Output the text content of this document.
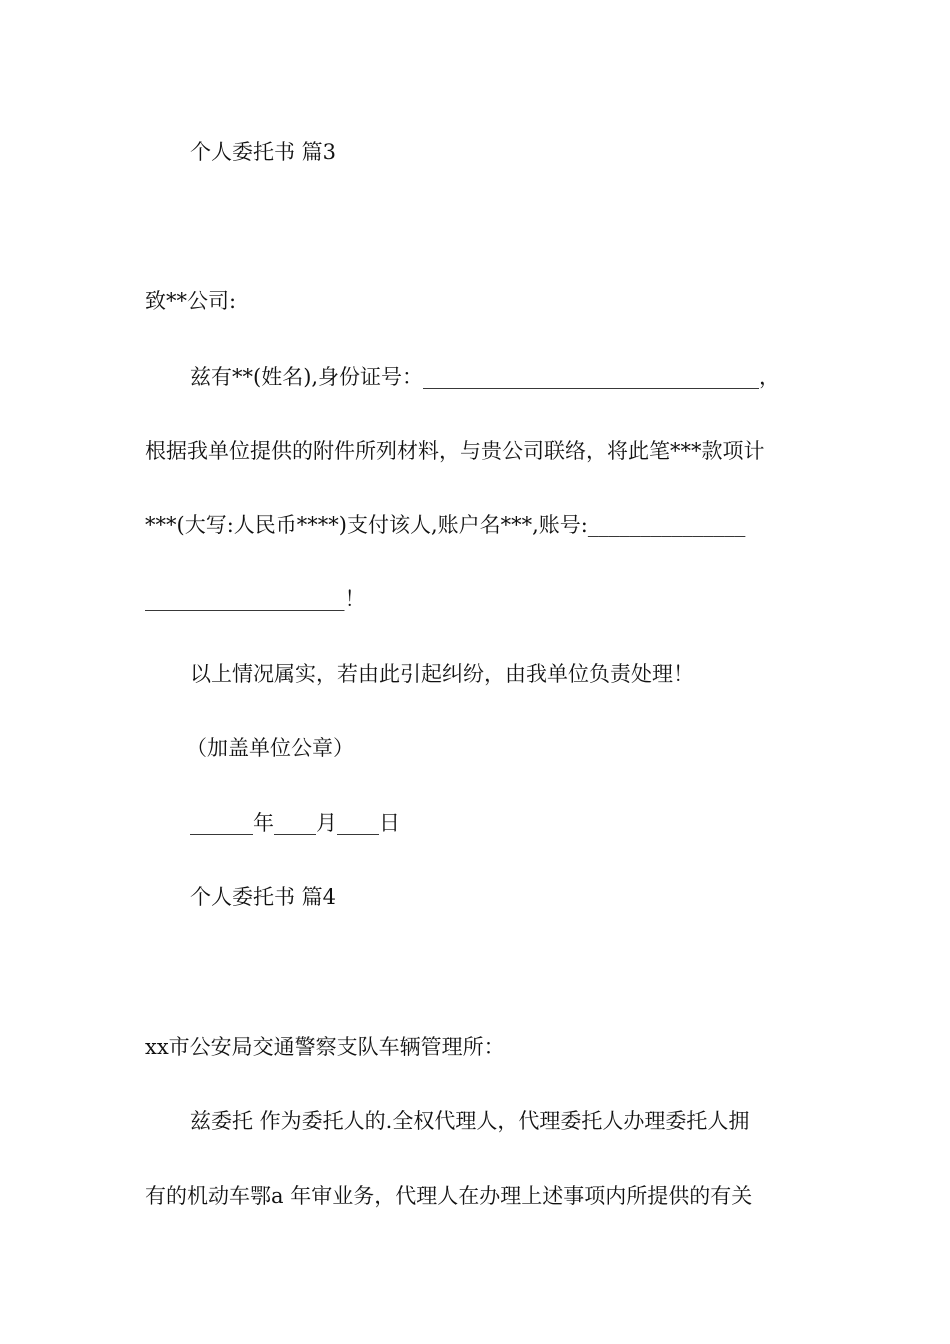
个人委托书 篇3
致**公司:
兹有**(姓名),身份证号：________________________________，
根据我单位提供的附件所列材料，与贵公司联络，将此笔***款项计
***(大写:人民币****)支付该人,账户名***,账号:_______________
___________________！
以上情况属实，若由此引起纠纷，由我单位负责处理！
（加盖单位公章）
______年____月____日
个人委托书 篇4
xx市公安局交通警察支队车辆管理所：
兹委托 作为委托人的.全权代理人，代理委托人办理委托人拥
有的机动车鄂a 年审业务，代理人在办理上述事项内所提供的有关
